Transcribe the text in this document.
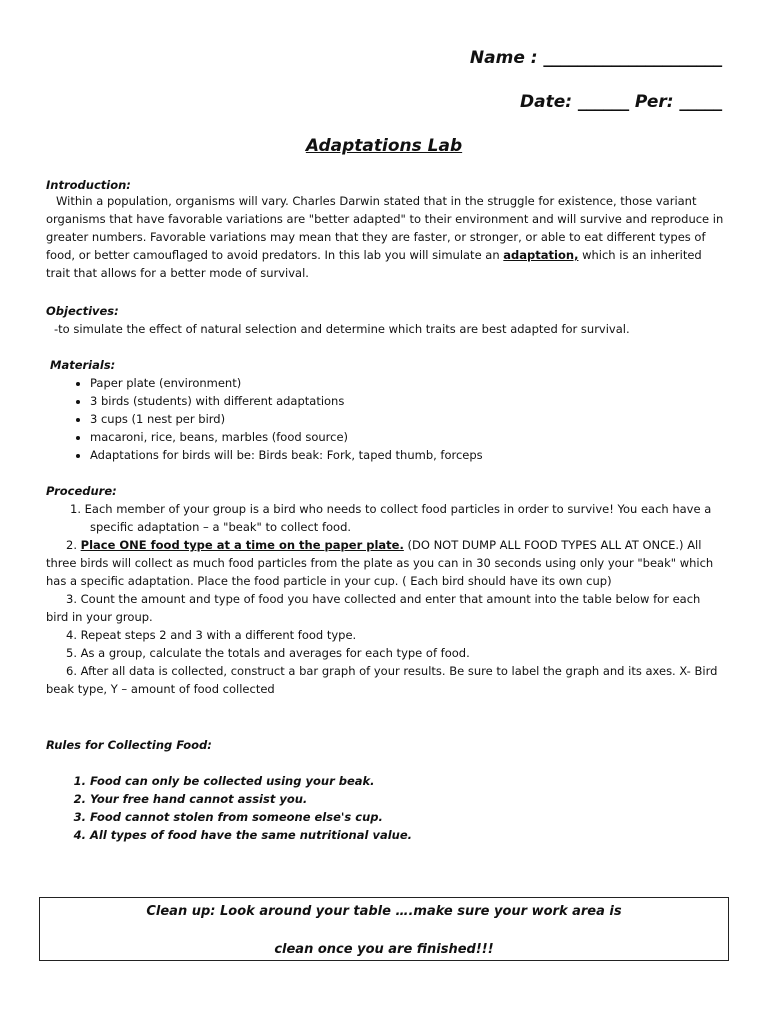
Name : _____________________
Date: ______ Per: _____
Adaptations Lab
Introduction:
Within a population, organisms will vary. Charles Darwin stated that in the struggle for existence, those variant organisms that have favorable variations are "better adapted" to their environment and will survive and reproduce in greater numbers. Favorable variations may mean that they are faster, or stronger, or able to eat different types of food, or better camouflaged to avoid predators. In this lab you will simulate an adaptation, which is an inherited trait that allows for a better mode of survival.
Objectives:
-to simulate the effect of natural selection and determine which traits are best adapted for survival.
Materials:
• Paper plate (environment)
• 3 birds (students) with different adaptations
• 3 cups (1 nest per bird)
• macaroni, rice, beans, marbles (food source)
• Adaptations for birds will be: Birds beak: Fork, taped thumb, forceps
Procedure:

1. Each member of your group is a bird who needs to collect food particles in order to survive! You each have a specific adaptation – a "beak" to collect food.

2. Place ONE food type at a time on the paper plate. (DO NOT DUMP ALL FOOD TYPES ALL AT ONCE.) All three birds will collect as much food particles from the plate as you can in 30 seconds using only your "beak" which has a specific adaptation. Place the food particle in your cup. ( Each bird should have its own cup)

3. Count the amount and type of food you have collected and enter that amount into the table below for each bird in your group.

4. Repeat steps 2 and 3 with a different food type.

5. As a group, calculate the totals and averages for each type of food.

6. After all data is collected, construct a bar graph of your results. Be sure to label the graph and its axes. X- Bird beak type, Y – amount of food collected

Rules for Collecting Food:
1. Food can only be collected using your beak.
2. Your free hand cannot assist you.
3. Food cannot stolen from someone else's cup.
4. All types of food have the same nutritional value.
Clean up: Look around your table ….make sure your work area is
clean once you are finished!!!
